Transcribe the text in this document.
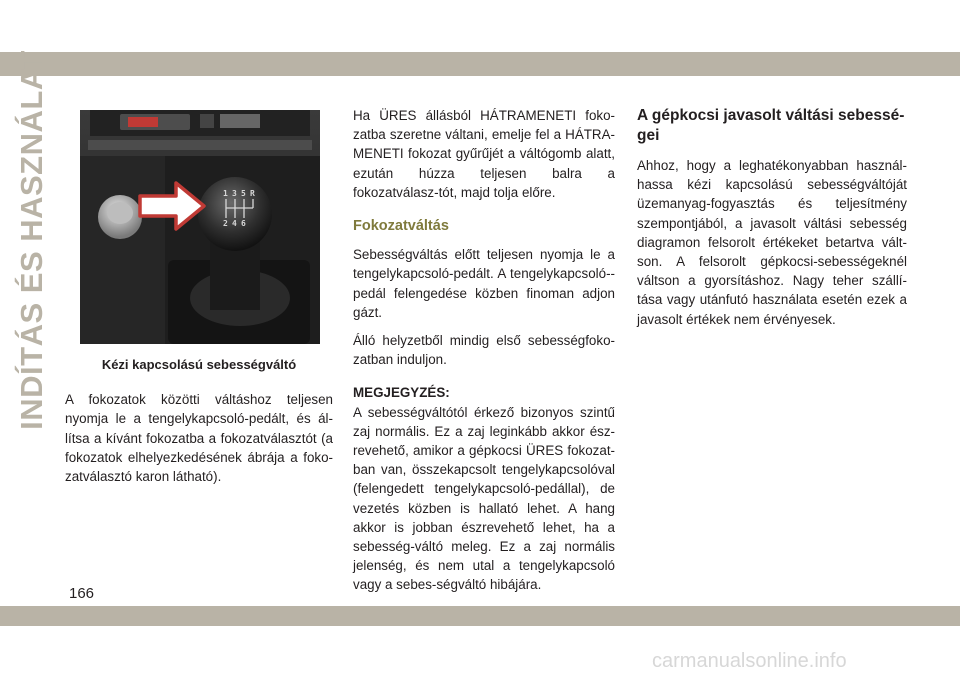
INDÍTÁS ÉS HASZNÁLAT	1 3 5 R
2 4 6
Kézi kapcsolású sebességváltó

A fokozatok közötti váltáshoz teljesen nyomja le a tengelykapcsoló-pedált, és ál-lítsa a kívánt fokozatba a fokozatválasztót (a fokozatok elhelyezkedésének ábrája a foko-zatválasztó karon látható).

Ha ÜRES állásból HÁTRAMENETI foko-zatba szeretne váltani, emelje fel a HÁTRA-MENETI fokozat gyűrűjét a váltógomb alatt, ezután húzza teljesen balra a fokozatválasz-tót, majd tolja előre.

Fokozatváltás

Sebességváltás előtt teljesen nyomja le a tengelykapcsoló-pedált. A tengelykapcsoló--pedál felengedése közben finoman adjon gázt.

Álló helyzetből mindig első sebességfoko-zatban induljon.

MEGJEGYZÉS:

A sebességváltótól érkező bizonyos szintű zaj normális. Ez a zaj leginkább akkor ész-revehető, amikor a gépkocsi ÜRES fokozat-ban van, összekapcsolt tengelykapcsolóval (felengedett tengelykapcsoló-pedállal), de vezetés közben is hallató lehet. A hang akkor is jobban észrevehető lehet, ha a sebesség-váltó meleg. Ez a zaj normális jelenség, és nem utal a tengelykapcsoló vagy a sebes-ségváltó hibájára.

A gépkocsi javasolt váltási sebessé-gei

Ahhoz, hogy a leghatékonyabban használ-hassa kézi kapcsolású sebességváltóját üzemanyag-fogyasztás és teljesítmény szempontjából, a javasolt váltási sebesség diagramon felsorolt értékeket betartva vált-son. A felsorolt gépkocsi-sebességeknél váltson a gyorsításhoz. Nagy teher szállí-tása vagy utánfutó használata esetén ezek a javasolt értékek nem érvényesek.

166
carmanualsonline.info
